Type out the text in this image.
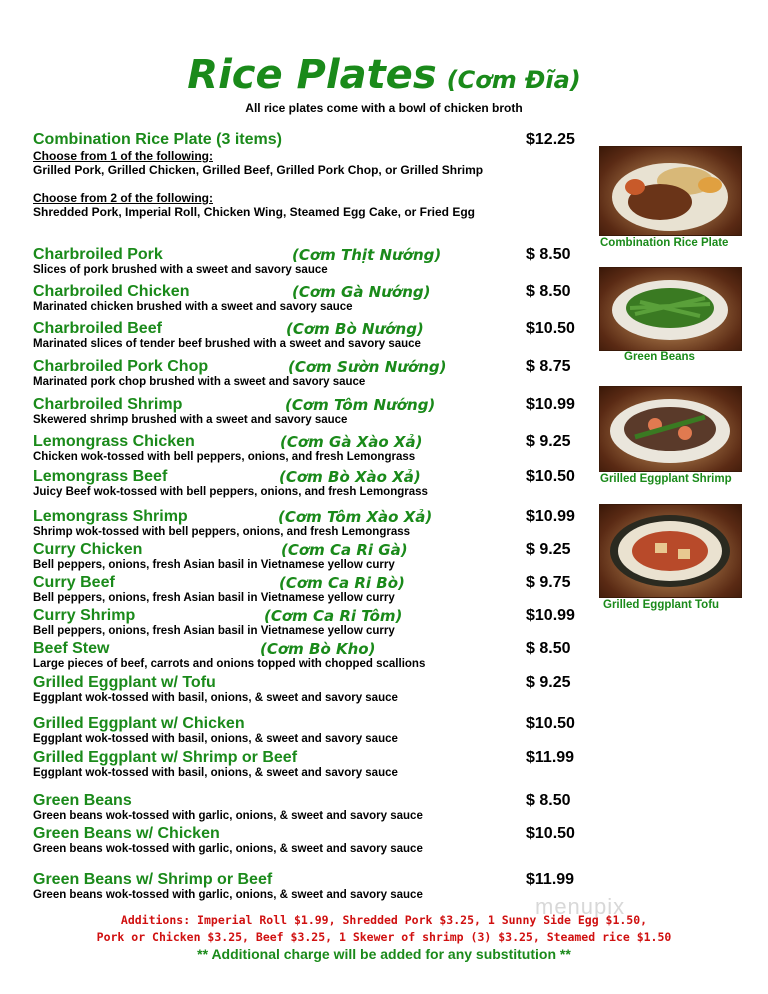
Rice Plates (Cơm Đĩa)
All rice plates come with a bowl of chicken broth
Combination Rice Plate (3 items)	$12.25
Choose from 1 of the following:
Grilled Pork, Grilled Chicken, Grilled Beef, Grilled Pork Chop, or Grilled Shrimp
Choose from 2 of the following:
Shredded Pork, Imperial Roll, Chicken Wing, Steamed Egg Cake, or Fried Egg
Charbroiled Pork	(Cơm Thịt Nướng)	$ 8.50
Slices of pork brushed with a sweet and savory sauce
Charbroiled Chicken	(Cơm Gà Nướng)	$ 8.50
Marinated chicken brushed with a sweet and savory sauce
Charbroiled Beef	(Cơm Bò Nướng)	$10.50
Marinated slices of tender beef brushed with a sweet and savory sauce
Charbroiled Pork Chop	(Cơm Sườn Nướng)	$ 8.75
Marinated pork chop brushed with a sweet and savory sauce
Charbroiled Shrimp	(Cơm Tôm Nướng)	$10.99
Skewered shrimp brushed with a sweet and savory sauce
Lemongrass Chicken	(Cơm Gà Xào Xả)	$ 9.25
Chicken wok-tossed with bell peppers, onions, and fresh Lemongrass
Lemongrass Beef	(Cơm Bò Xào Xả)	$10.50
Juicy Beef wok-tossed with bell peppers, onions, and fresh Lemongrass
Lemongrass Shrimp	(Cơm Tôm Xào Xả)	$10.99
Shrimp wok-tossed with bell peppers, onions, and fresh Lemongrass
Curry Chicken	(Cơm Ca Ri Gà)	$ 9.25
Bell peppers, onions, fresh Asian basil in Vietnamese yellow curry
Curry Beef	(Cơm Ca Ri Bò)	$ 9.75
Bell peppers, onions, fresh Asian basil in Vietnamese yellow curry
Curry Shrimp	(Cơm Ca Ri Tôm)	$10.99
Bell peppers, onions, fresh Asian basil in Vietnamese yellow curry
Beef Stew	(Cơm Bò Kho)	$ 8.50
Large pieces of beef, carrots and onions topped with chopped scallions
Grilled Eggplant w/ Tofu	$ 9.25
Eggplant wok-tossed with basil, onions, & sweet and savory sauce
Grilled Eggplant w/ Chicken	$10.50
Eggplant wok-tossed with basil, onions, & sweet and savory sauce
Grilled Eggplant w/ Shrimp or Beef	$11.99
Eggplant wok-tossed with basil, onions, & sweet and savory sauce
Green Beans	$ 8.50
Green beans wok-tossed with garlic, onions, & sweet and savory sauce
Green Beans w/ Chicken	$10.50
Green beans wok-tossed with garlic, onions, & sweet and savory sauce
Green Beans w/ Shrimp or Beef	$11.99
Green beans wok-tossed with garlic, onions, & sweet and savory sauce
Combination Rice Plate
Green Beans
Grilled Eggplant Shrimp
Grilled Eggplant Tofu
menupix
Additions: Imperial Roll $1.99, Shredded Pork $3.25, 1 Sunny Side Egg $1.50,
Pork or Chicken $3.25, Beef $3.25, 1 Skewer of shrimp (3) $3.25, Steamed rice $1.50
** Additional charge will be added for any substitution **
